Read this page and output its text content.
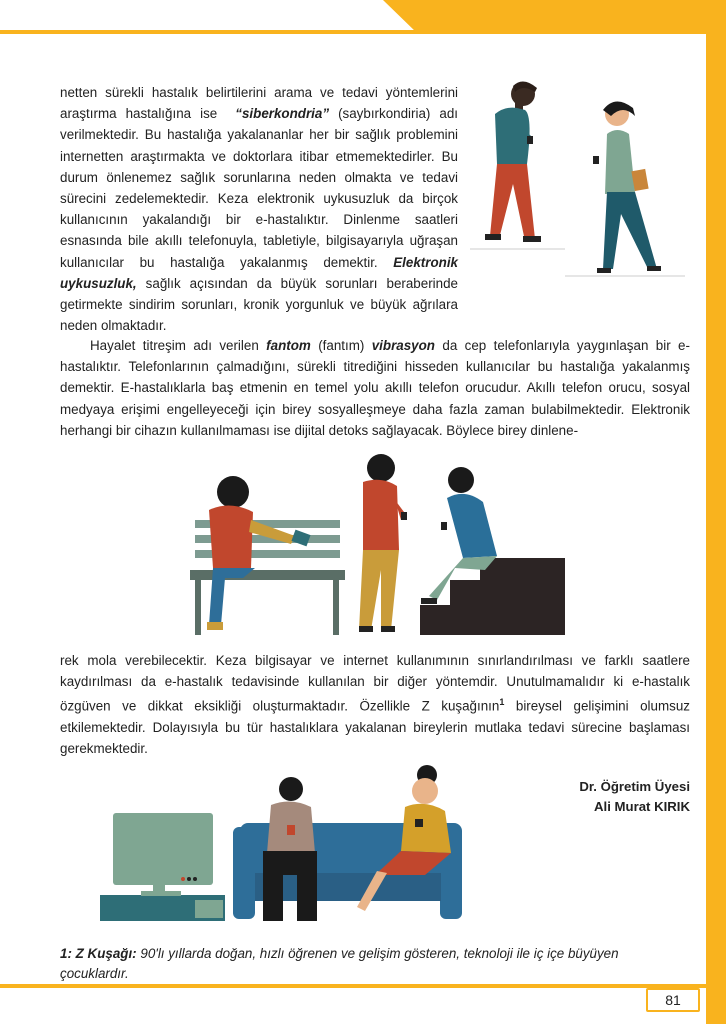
netten sürekli hastalık belirtilerini arama ve tedavi yöntemlerini araştırma hastalığına ise “siberkondria” (saybırkondiria) adı verilmektedir. Bu hastalığa yakalananlar her bir sağlık problemini internetten araştırmakta ve doktorlara itibar etmemektedirler. Bu durum önlenemez sağlık sorunlarına neden olmakta ve tedavi sürecini zedelemektedir. Keza elektronik uykusuzluk da birçok kullanıcının yakalandığı bir e-hastalıktır. Dinlenme saatleri esnasında bile akıllı telefonuyla, tabletiyle, bilgisayarıyla uğraşan kullanıcılar bu hastalığa yakalanmış demektir. Elektronik uykusuzluk, sağlık açısından da büyük sorunları beraberinde getirmekte sindirim sorunları, kronik yorgunluk ve büyük ağrılara neden olmaktadır.

Hayalet titreşim adı verilen fantom (fantım) vibrasyon da cep telefonlarıyla yaygınlaşan bir e-hastalıktır. Telefonlarının çalmadığını, sürekli titrediğini hisseden kullanıcılar bu hastalığa yakalanmış demektir. E-hastalıklarla baş etmenin en temel yolu akıllı telefon orucudur. Akıllı telefon orucu, sosyal medyaya erişimi engelleyeceği için birey sosyalleşmeye daha fazla zaman bulabilmektedir. Elektronik herhangi bir cihazın kullanılmaması ise dijital detoks sağlayacak. Böylece birey dinlene-

rek mola verebilecektir. Keza bilgisayar ve internet kullanımının sınırlandırılması ve farklı saatlere kaydırılması da e-hastalık tedavisinde kullanılan bir diğer yöntemdir. Unutulmamalıdır ki e-hastalık özgüven ve dikkat eksikliği oluşturmaktadır. Özellikle Z kuşağının$^1$ bireysel gelişimini olumsuz etkilemektedir. Dolayısıyla bu tür hastalıklara yakalanan bireylerin mutlaka tedavi sürecine başlaması gerekmektedir.

Dr. Öğretim Üyesi
Ali Murat KIRIK
1: Z Kuşağı: 90'lı yıllarda doğan, hızlı öğrenen ve gelişim gösteren, teknoloji ile iç içe büyüyen çocuklardır.
81
